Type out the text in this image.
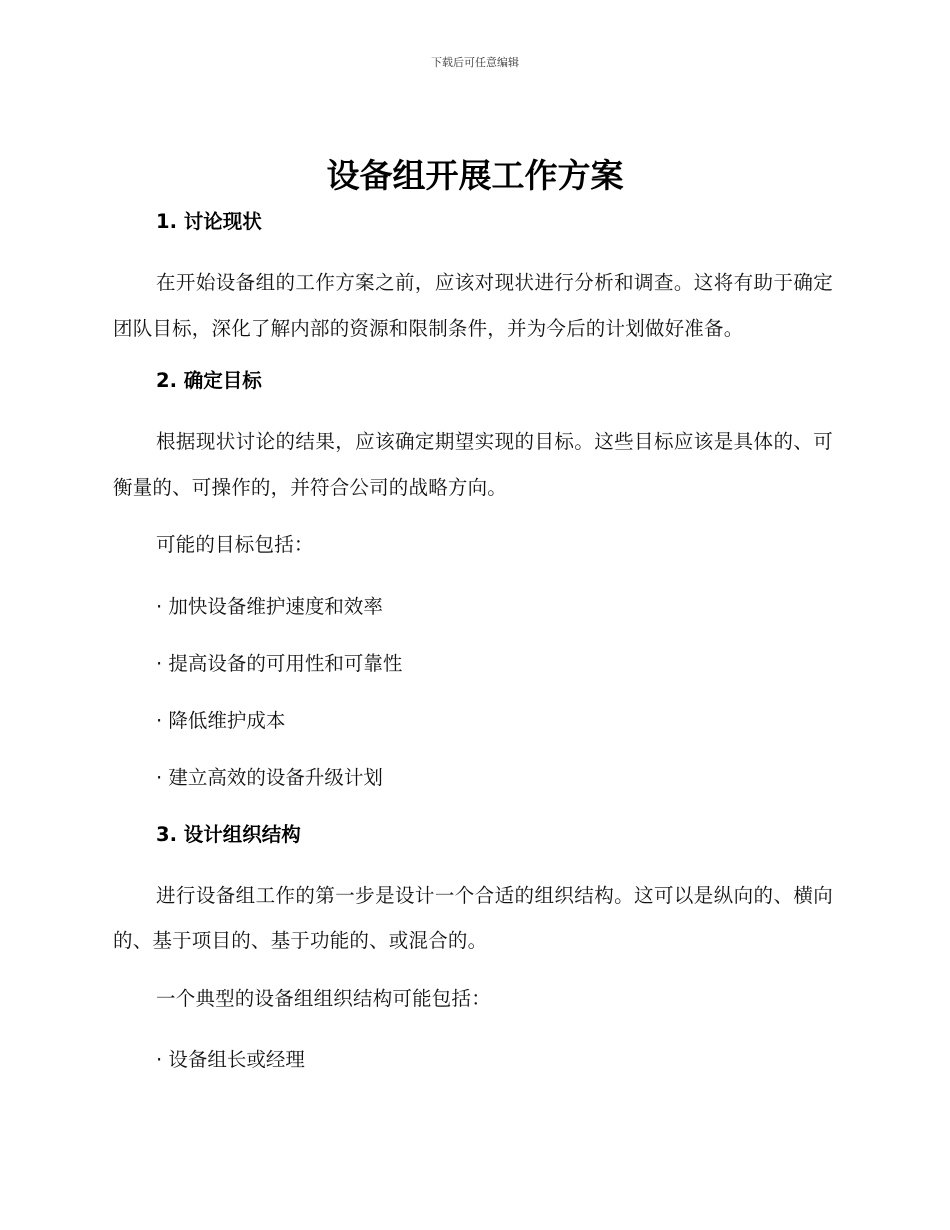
下载后可任意编辑
设备组开展工作方案
1. 讨论现状

在开始设备组的工作方案之前，应该对现状进行分析和调查。这将有助于确定团队目标，深化了解内部的资源和限制条件，并为今后的计划做好准备。

2. 确定目标

根据现状讨论的结果，应该确定期望实现的目标。这些目标应该是具体的、可衡量的、可操作的，并符合公司的战略方向。

可能的目标包括：

· 加快设备维护速度和效率

· 提高设备的可用性和可靠性

· 降低维护成本

· 建立高效的设备升级计划

3. 设计组织结构

进行设备组工作的第一步是设计一个合适的组织结构。这可以是纵向的、横向的、基于项目的、基于功能的、或混合的。

一个典型的设备组组织结构可能包括：

· 设备组长或经理
